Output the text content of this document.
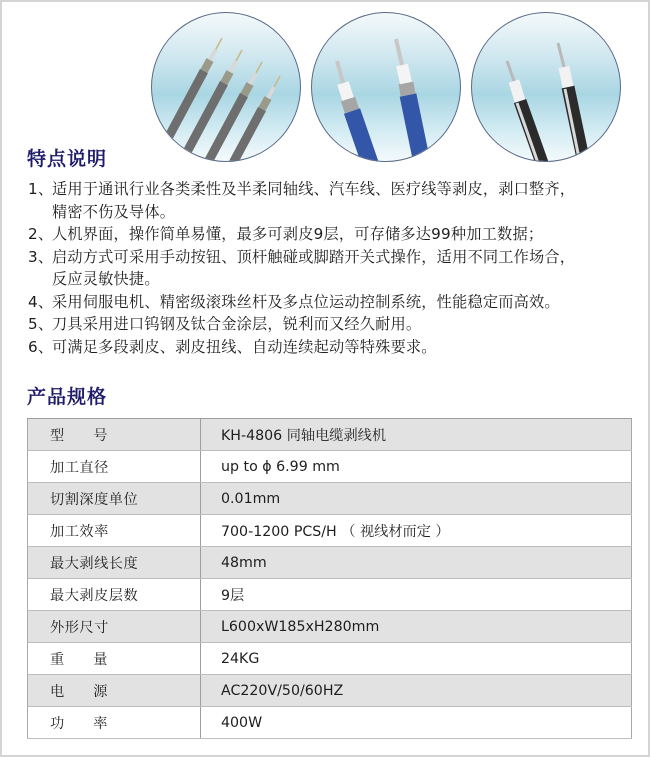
特点说明
1、适用于通讯行业各类柔性及半柔同轴线、汽车线、医疗线等剥皮，剥口整齐，
精密不伤及导体。
2、人机界面，操作简单易懂，最多可剥皮9层，可存储多达99种加工数据；
3、启动方式可采用手动按钮、顶杆触碰或脚踏开关式操作，适用不同工作场合，
反应灵敏快捷。
4、采用伺服电机、精密级滚珠丝杆及多点位运动控制系统，性能稳定而高效。
5、刀具采用进口钨钢及钛合金涂层，锐利而又经久耐用。
6、可满足多段剥皮、剥皮扭线、自动连续起动等特殊要求。
产品规格
型号	KH-4806 同轴电缆剥线机
加工直径	up to ϕ 6.99 mm
切割深度单位	0.01mm
加工效率	700-1200 PCS/H （ 视线材而定 ）
最大剥线长度	48mm
最大剥皮层数	9层
外形尺寸	L600xW185xH280mm
重量	24KG
电源	AC220V/50/60HZ
功率	400W
